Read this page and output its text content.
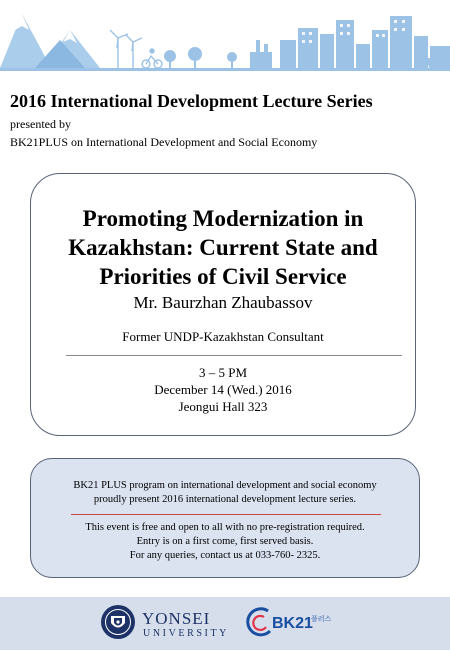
2016 International Development Lecture Series
presented by
BK21PLUS on International Development and Social Economy
Promoting Modernization in Kazakhstan: Current State and Priorities of Civil Service
Mr. Baurzhan Zhaubassov
Former UNDP-Kazakhstan Consultant
3 – 5 PM
December 14 (Wed.) 2016
Jeongui Hall 323
BK21 PLUS program on international development and social economy
proudly present 2016 international development lecture series.
This event is free and open to all with no pre-registration required.
Entry is on a first come, first served basis.
For any queries, contact us at 033-760- 2325.
YONSEI
UNIVERSITY
BK21
플러스
